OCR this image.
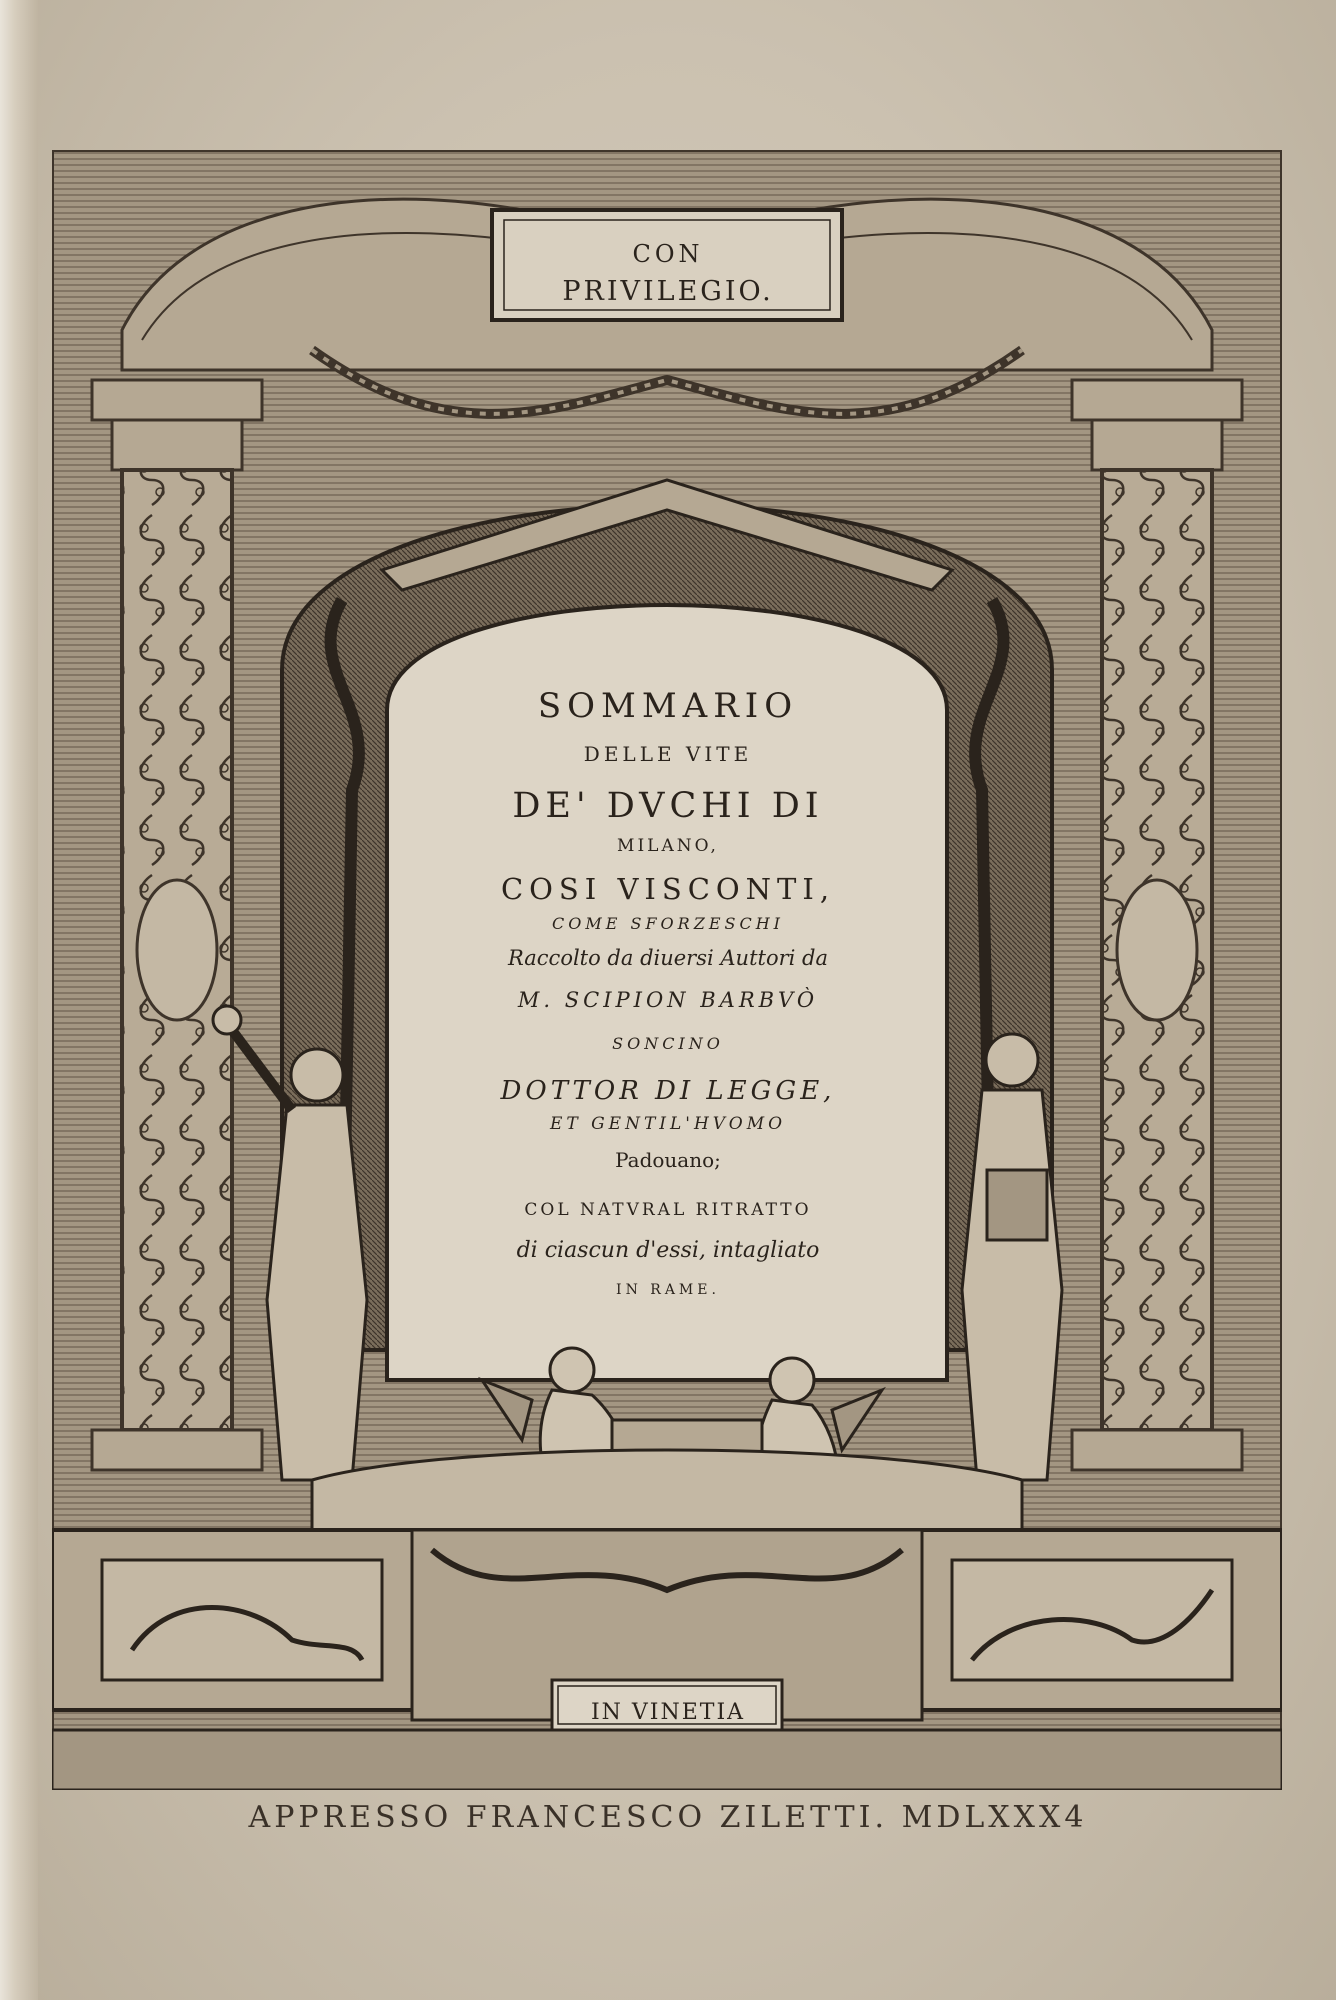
CON
PRIVILEGIO.
SOMMARIO
DELLE VITE
DE' DVCHI DI
MILANO,
COSI VISCONTI,
COME SFORZESCHI
Raccolto da diuersi Auttori da
M. SCIPION BARBVÒ
SONCINO
DOTTOR DI LEGGE,
ET GENTIL'HVOMO
Padouano;
COL NATVRAL RITRATTO
di ciascun d'essi, intagliato
IN RAME.
IN VINETIA
APPRESSO FRANCESCO ZILETTI. MDLXXX4
